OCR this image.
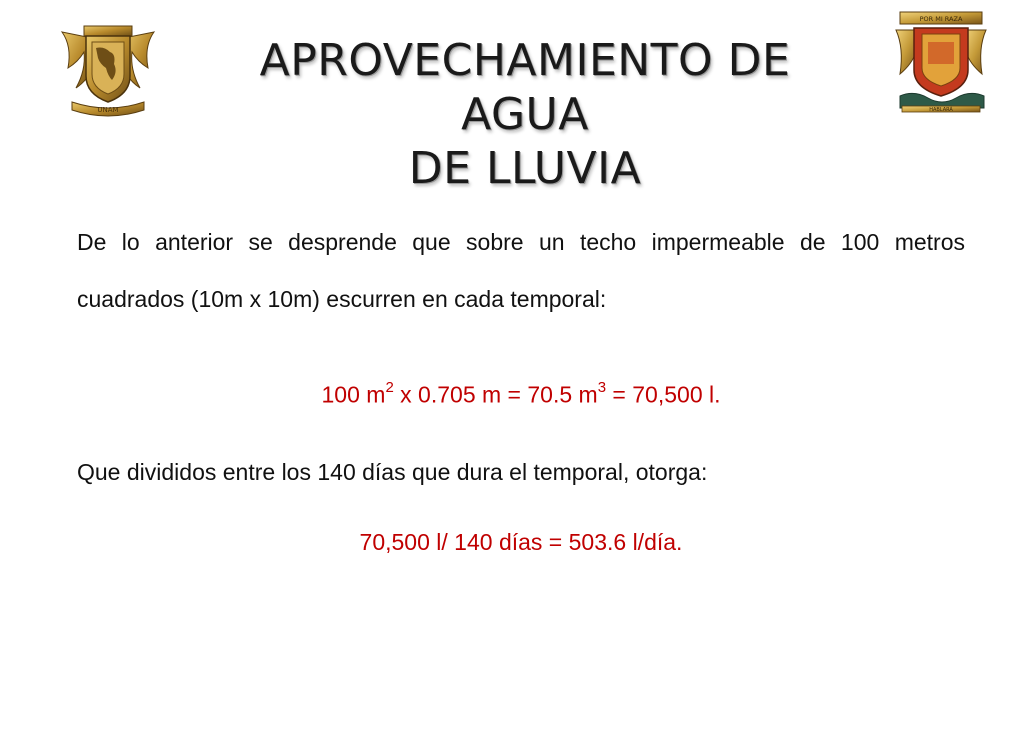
UNAM
POR MI RAZA
HABLARÁ
APROVECHAMIENTO DE AGUA
DE LLUVIA

De lo anterior se desprende que sobre un techo impermeable de 100 metros cuadrados (10m x 10m) escurren en cada temporal:

100 $m^2$ x 0.705 m = 70.5 $m^3 = 70,500$ l.

Que divididos entre los 140 días que dura el temporal, otorga:

70,500 l/ 140 días = 503.6 l/día.
